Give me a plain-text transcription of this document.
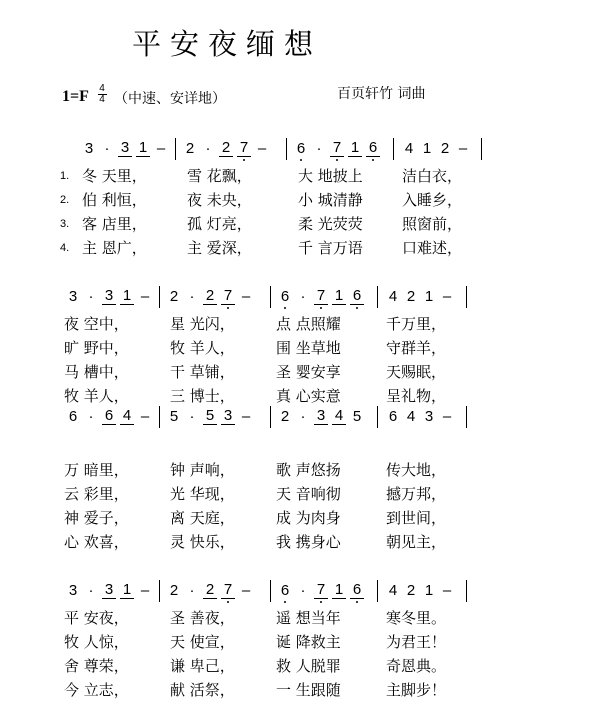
平安夜缅想
1=F	4
4 （中速、安详地）	百页轩竹 词曲
3 · 3 1 – 2 · 2 7 – 6 · 7 1 6 4 1 2 –
1. 冬 天里，	雪 花飘，	大 地披上	洁白衣，
2. 伯 利恒，	夜 未央，	小 城清静	入睡乡，
3. 客 店里，	孤 灯亮，	柔 光荧荧	照窗前，
4. 主 恩广，	主 爱深，	千 言万语	口难述，
3 · 3 1 – 2 · 2 7 – 6 · 7 1 6 4 2 1 –
夜 空中，	星 光闪，	点 点照耀	千万里，
旷 野中，	牧 羊人，	围 坐草地	守群羊，
马 槽中，	干 草铺，	圣 婴安享	天赐眠，
牧 羊人，	三 博士，	真 心实意	呈礼物，
6 · 6 4 – 5 · 5 3 – 2 · 3 4 5 6 4 3 –
万 暗里，	钟 声响，	歌 声悠扬	传大地，
云 彩里，	光 华现，	天 音响彻	撼万邦，
神 爱子，	离 天庭，	成 为肉身	到世间，
心 欢喜，	灵 快乐，	我 携身心	朝见主，
3 · 3 1 – 2 · 2 7 – 6 · 7 1 6 4 2 1 –
平 安夜，	圣 善夜，	遥 想当年	寒冬里。
牧 人惊，	天 使宣，	诞 降救主	为君王！
舍 尊荣，	谦 卑己，	救 人脱罪	奇恩典。
今 立志，	献 活祭，	一 生跟随	主脚步！
